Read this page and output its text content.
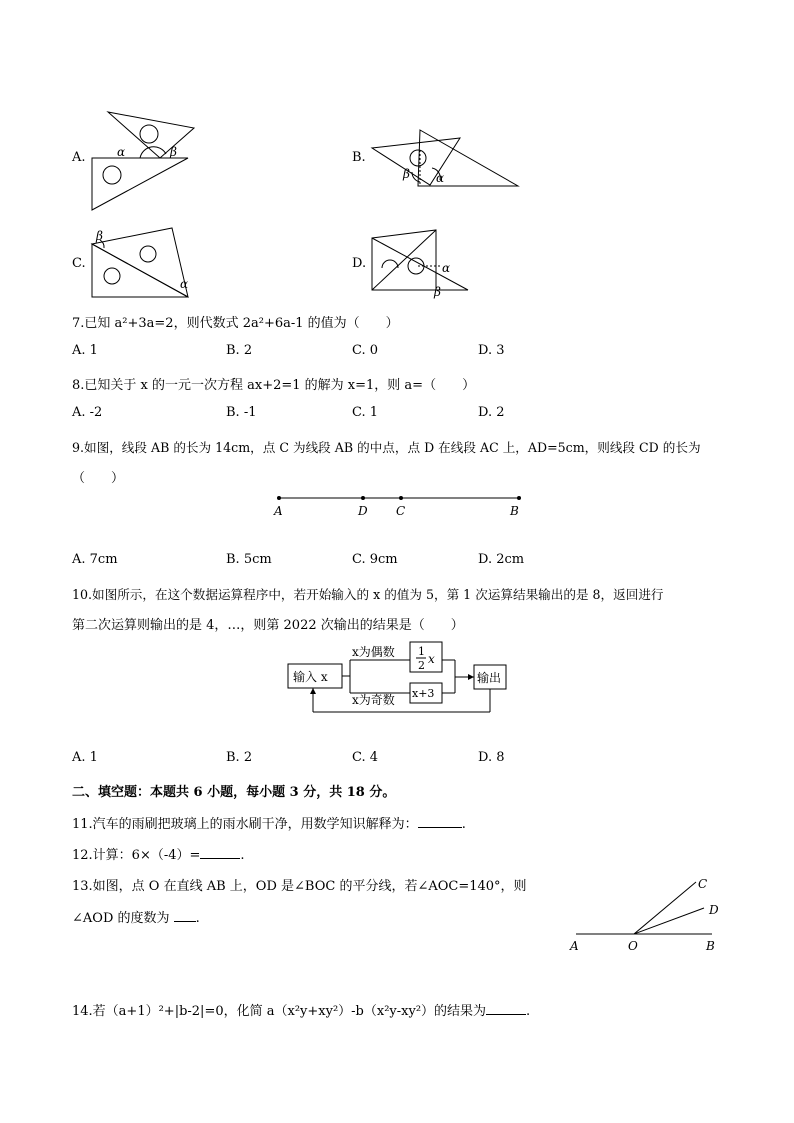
A.	α	β	B.
β α
C.
β
α
D.	α
β
7.已知 a²+3a=2，则代数式 2a²+6a-1 的值为（　　）
A. 1	B. 2	C. 0	D. 3
8.已知关于 x 的一元一次方程 ax+2=1 的解为 x=1，则 a=（　　）
A. -2	B. -1	C. 1	D. 2
9.如图，线段 AB 的长为 14cm，点 C 为线段 AB 的中点，点 D 在线段 AC 上，AD=5cm，则线段 CD 的长为
（　　）
A	D C	B
A. 7cm	B. 5cm	C. 9cm	D. 2cm
10.如图所示，在这个数据运算程序中，若开始输入的 x 的值为 5，第 1 次运算结果输出的是 8，返回进行
第二次运算则输出的是 4，…，则第 2022 次输出的结果是（　　）
输入 x
x为偶数
x为奇数
1
2 x
x+3
输出
A. 1	B. 2	C. 4	D. 8
二、填空题：本题共 6 小题，每小题 3 分，共 18 分。
11.汽车的雨刷把玻璃上的雨水刷干净，用数学知识解释为：	.
12.计算：6×（-4）=	.
13.如图，点 O 在直线 AB 上，OD 是∠BOC 的平分线，若∠AOC=140°，则
∠AOD 的度数为 .
A	O	B
C
D
14.若（a+1）²+|b-2|=0，化简 a（x²y+xy²）-b（x²y-xy²）的结果为	.
